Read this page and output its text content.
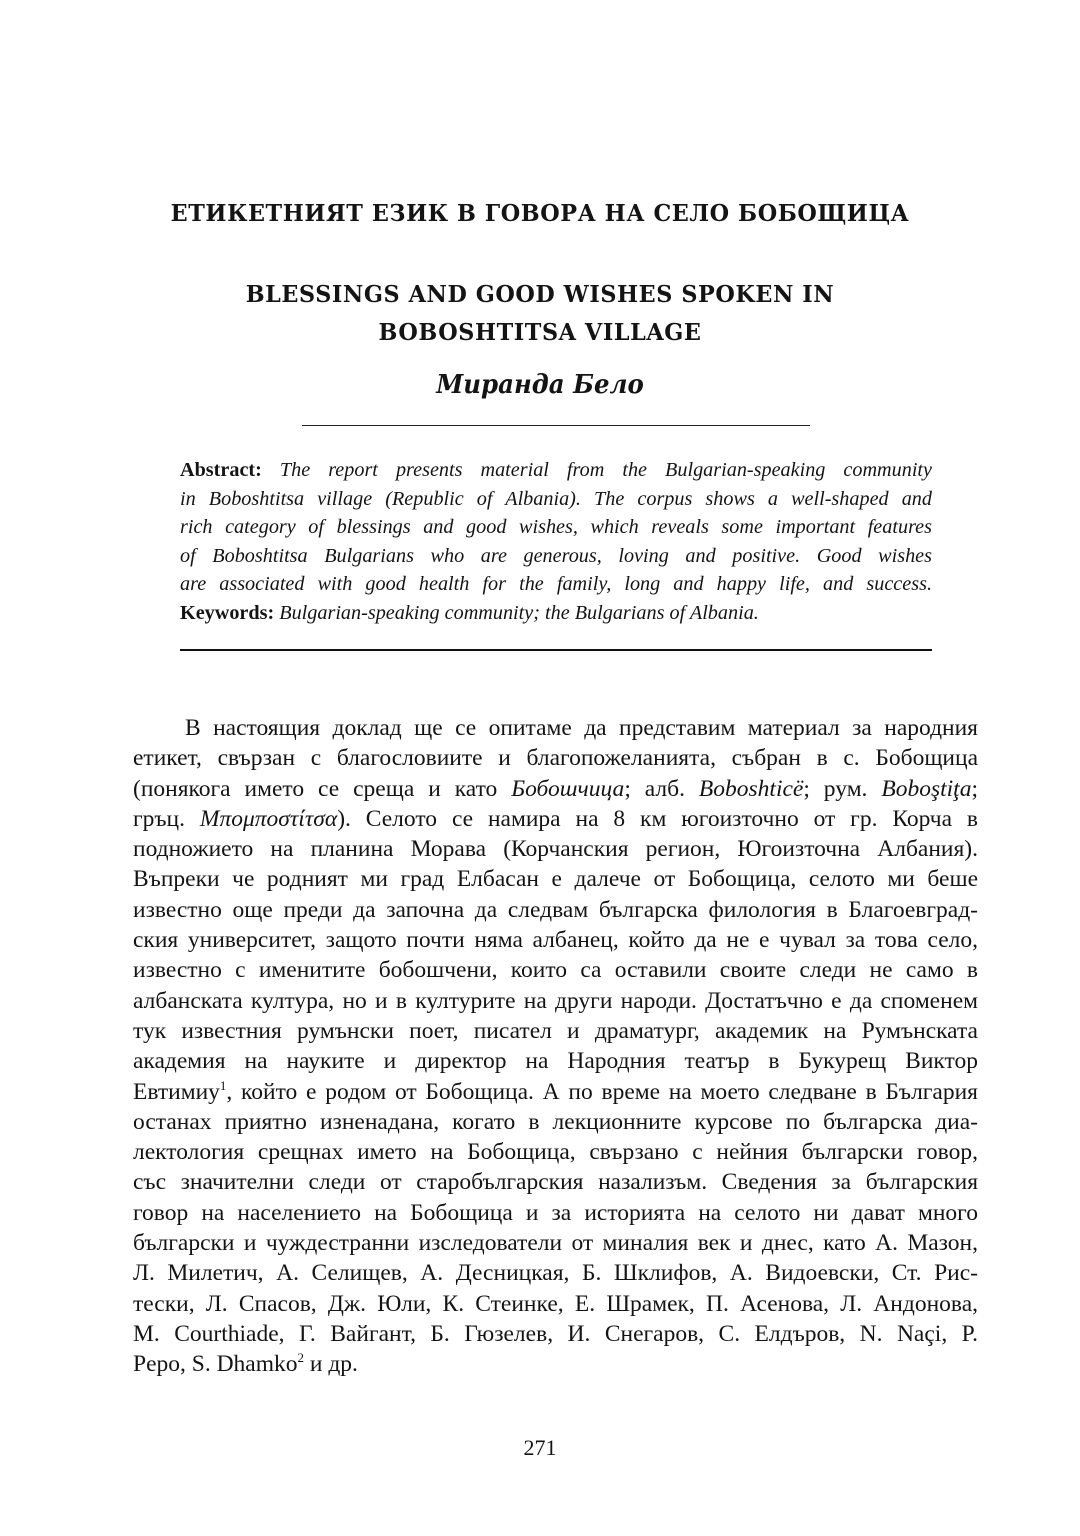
ЕТИКЕТНИЯТ ЕЗИК В ГОВОРА НА СЕЛО БОБОЩИЦА
BLESSINGS AND GOOD WISHES SPOKEN IN
BOBOSHTITSA VILLAGE
Миранда Бело
Abstract: The report presents material from the Bulgarian-speaking community
in Boboshtitsa village (Republic of Albania). The corpus shows a well-shaped and
rich category of blessings and good wishes, which reveals some important features
of Boboshtitsa Bulgarians who are generous, loving and positive. Good wishes
are associated with good health for the family, long and happy life, and success.
Keywords: Bulgarian-speaking community; the Bulgarians of Albania.
В настоящия доклад ще се опитаме да представим материал за народния
етикет, свързан с благословиите и благопожеланията, събран в с. Бобощица
(понякога името се среща и като Бобошчица; алб. Boboshticë; рум. Boboştiţa;
гръц. Μπομποστίτσα). Селото се намира на 8 км югоизточно от гр. Корча в
подножието на планина Морава (Корчанския регион, Югоизточна Албания).
Въпреки че родният ми град Елбасан е далече от Бобощица, селото ми беше
известно още преди да започна да следвам българска филология в Благоевград-
ския университет, защото почти няма албанец, който да не е чувал за това село,
известно с именитите бобошчени, които са оставили своите следи не само в
албанската култура, но и в културите на други народи. Достатъчно е да споменем
тук известния румънски поет, писател и драматург, академик на Румънската
академия на науките и директор на Народния театър в Букурещ Виктор
Евтимиу$^1$, който е родом от Бобощица. А по време на моето следване в България
останах приятно изненадана, когато в лекционните курсове по българска диа-
лектология срещнах името на Бобощица, свързано с нейния български говор,
със значителни следи от старобългарския назализъм. Сведения за българския
говор на населението на Бобощица и за историята на селото ни дават много
български и чуждестранни изследователи от миналия век и днес, като А. Мазон,
Л. Милетич, А. Селищев, А. Десницкая, Б. Шклифов, А. Видоевски, Ст. Рис-
тески, Л. Спасов, Дж. Юли, К. Стеинке, Е. Шрамек, П. Асенова, Л. Андонова,
M. Courthiade, Г. Вайгант, Б. Гюзелев, И. Снегаров, С. Елдъров, N. Naçi, P.
Pepo, S. Dhamko$^2$ и др.
271
